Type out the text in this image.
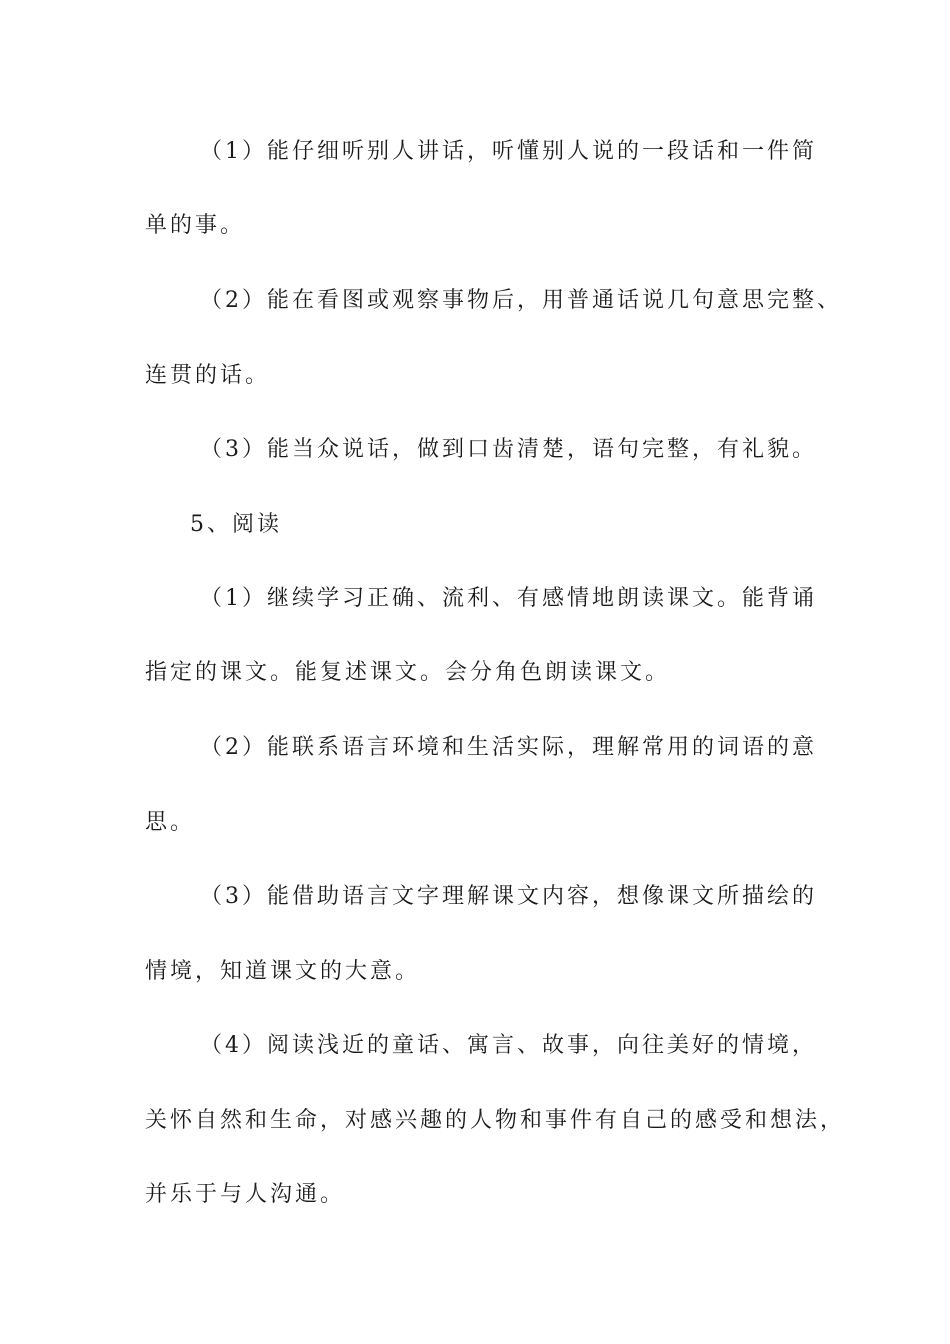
（1）能仔细听别人讲话，听懂别人说的一段话和一件简
单的事。
（2）能在看图或观察事物后，用普通话说几句意思完整、
连贯的话。
（3）能当众说话，做到口齿清楚，语句完整，有礼貌。
5、阅读
（1）继续学习正确、流利、有感情地朗读课文。能背诵
指定的课文。能复述课文。会分角色朗读课文。
（2）能联系语言环境和生活实际，理解常用的词语的意
思。
（3）能借助语言文字理解课文内容，想像课文所描绘的
情境，知道课文的大意。
（4）阅读浅近的童话、寓言、故事，向往美好的情境，
关怀自然和生命，对感兴趣的人物和事件有自己的感受和想法，
并乐于与人沟通。
